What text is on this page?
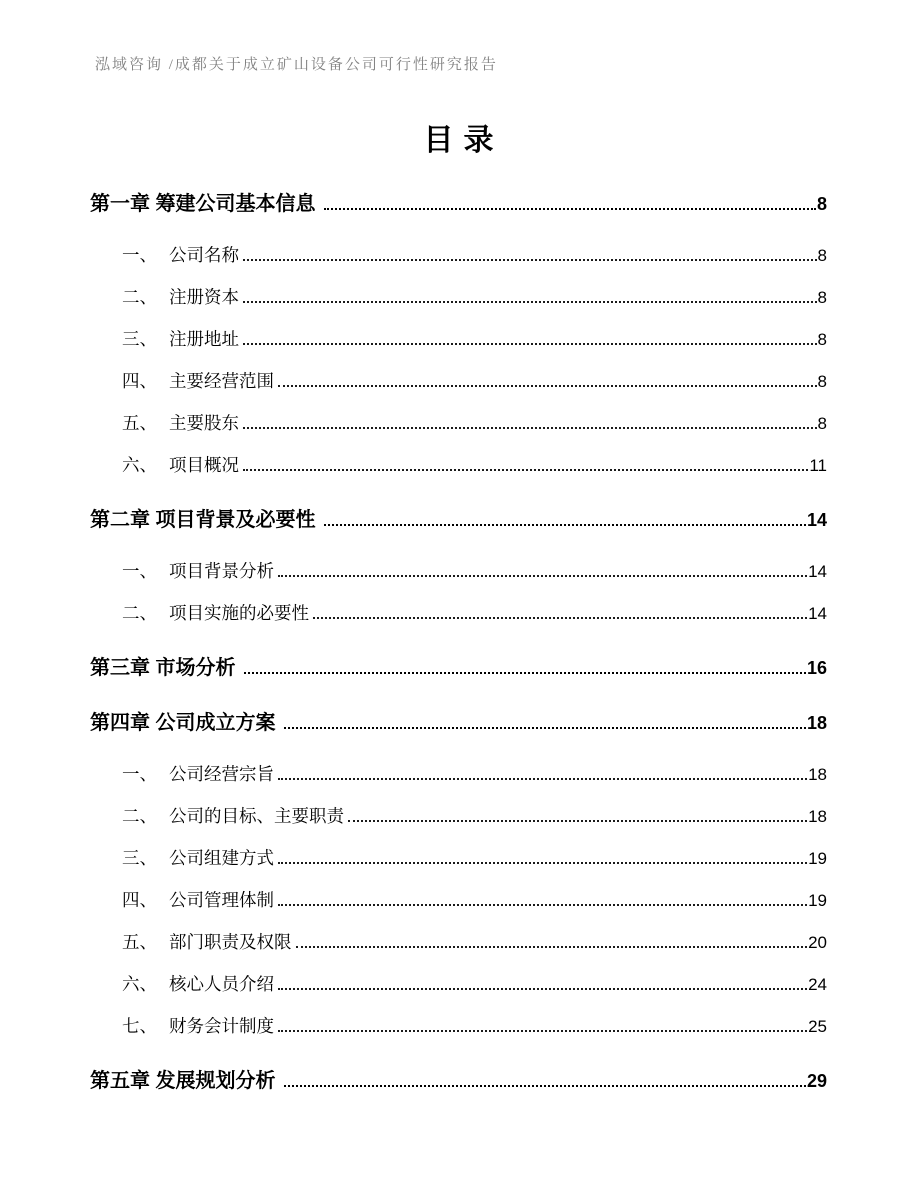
泓域咨询 /成都关于成立矿山设备公司可行性研究报告
目录
第一章 筹建公司基本信息	8
一、 公司名称	8
二、 注册资本	8
三、 注册地址	8
四、 主要经营范围	8
五、 主要股东	8
六、 项目概况	11
第二章 项目背景及必要性	14
一、 项目背景分析	14
二、 项目实施的必要性	14
第三章 市场分析	16
第四章 公司成立方案	18
一、 公司经营宗旨	18
二、 公司的目标、主要职责	18
三、 公司组建方式	19
四、 公司管理体制	19
五、 部门职责及权限	20
六、 核心人员介绍	24
七、 财务会计制度	25
第五章 发展规划分析	29
